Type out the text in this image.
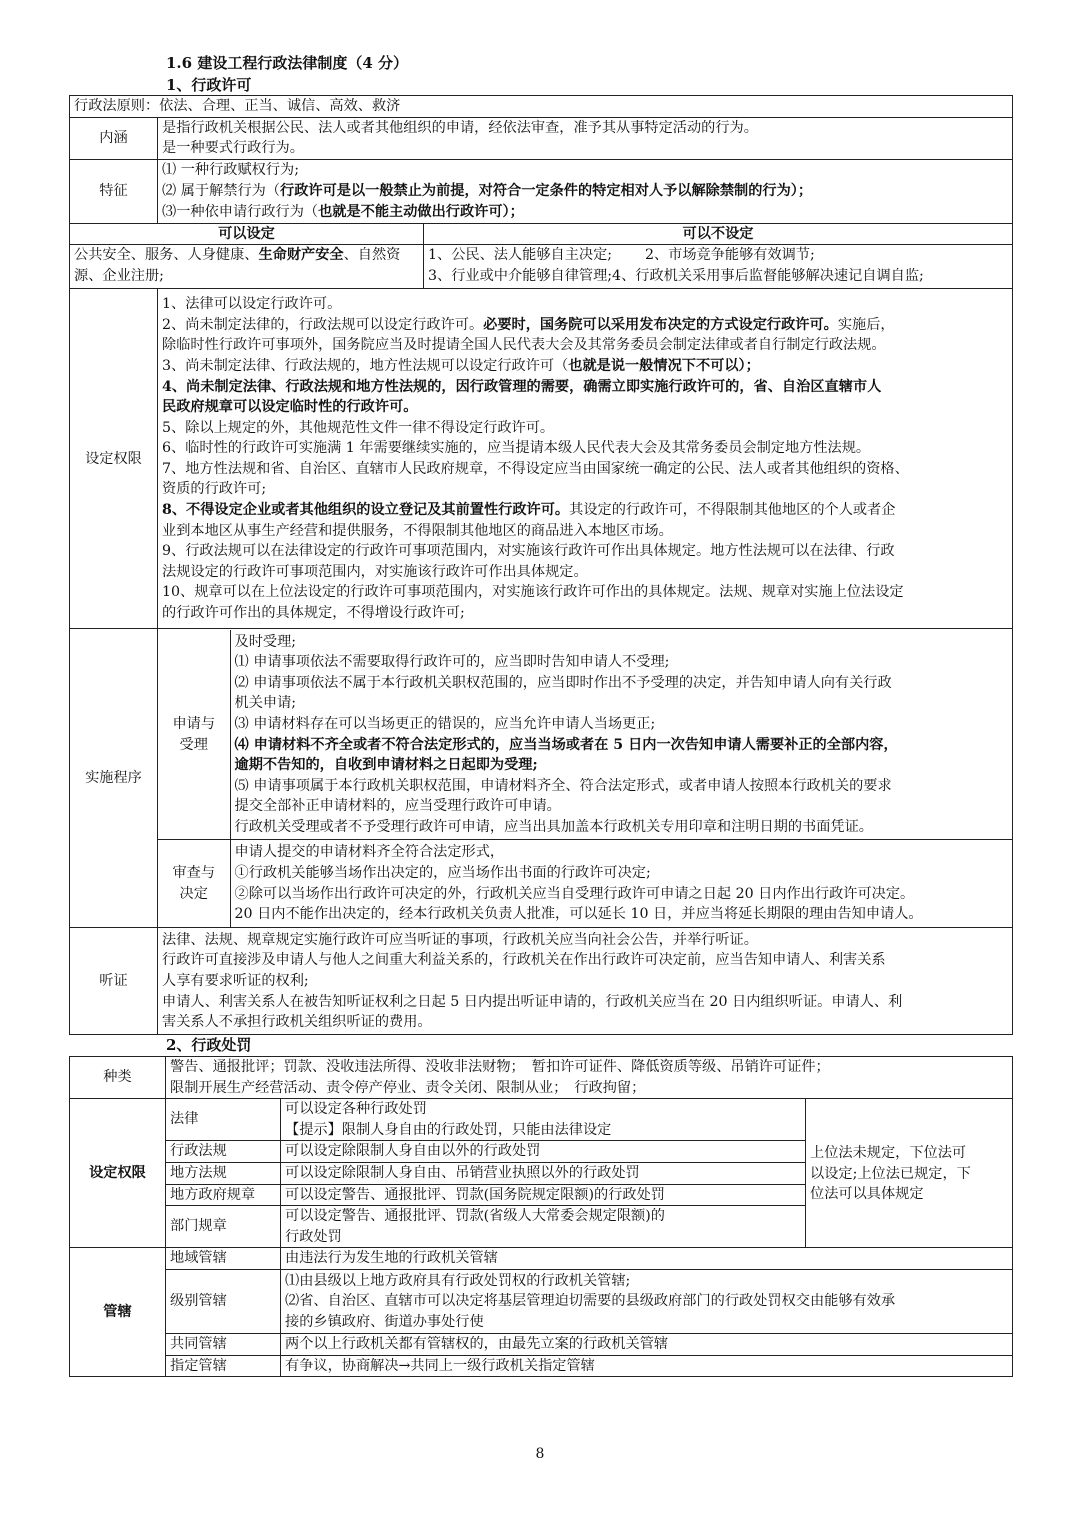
1.6 建设工程行政法律制度（4 分）
1、行政许可
行政法原则：依法、合理、正当、诚信、高效、救济
内涵	
是指行政机关根据公民、法人或者其他组织的申请，经依法审查，准予其从事特定活动的行为。
是一种要式行政行为。

特征	
⑴ 一种行政赋权行为;
⑵ 属于解禁行为（行政许可是以一般禁止为前提，对符合一定条件的特定相对人予以解除禁制的行为）；
⑶一种依申请行政行为（也就是不能主动做出行政许可）；

可以设定	可以不设定
公共安全、服务、人身健康、生命财产安全、自然资源、企业注册;	
1、公民、法人能够自主决定;　　 2、市场竞争能够有效调节;
3、行业或中介能够自律管理;4、行政机关采用事后监督能够解决速记自调自监;

设定权限	
1、法律可以设定行政许可。
2、尚未制定法律的，行政法规可以设定行政许可。必要时，国务院可以采用发布决定的方式设定行政许可。实施后，
除临时性行政许可事项外，国务院应当及时提请全国人民代表大会及其常务委员会制定法律或者自行制定行政法规。
3、尚未制定法律、行政法规的，地方性法规可以设定行政许可（也就是说一般情况下不可以）；
4、尚未制定法律、行政法规和地方性法规的，因行政管理的需要，确需立即实施行政许可的，省、自治区直辖市人
民政府规章可以设定临时性的行政许可。
5、除以上规定的外，其他规范性文件一律不得设定行政许可。
6、临时性的行政许可实施满 1 年需要继续实施的，应当提请本级人民代表大会及其常务委员会制定地方性法规。
7、地方性法规和省、自治区、直辖市人民政府规章，不得设定应当由国家统一确定的公民、法人或者其他组织的资格、
资质的行政许可;
8、不得设定企业或者其他组织的设立登记及其前置性行政许可。其设定的行政许可，不得限制其他地区的个人或者企
业到本地区从事生产经营和提供服务，不得限制其他地区的商品进入本地区市场。
9、行政法规可以在法律设定的行政许可事项范围内，对实施该行政许可作出具体规定。地方性法规可以在法律、行政
法规设定的行政许可事项范围内，对实施该行政许可作出具体规定。
10、规章可以在上位法设定的行政许可事项范围内，对实施该行政许可作出的具体规定。法规、规章对实施上位法设定
的行政许可作出的具体规定，不得增设行政许可;

实施程序	
申请与
受理

及时受理;
⑴ 申请事项依法不需要取得行政许可的，应当即时告知申请人不受理;
⑵ 申请事项依法不属于本行政机关职权范围的，应当即时作出不予受理的决定，并告知申请人向有关行政
机关申请;
⑶ 申请材料存在可以当场更正的错误的，应当允许申请人当场更正;
⑷ 申请材料不齐全或者不符合法定形式的，应当当场或者在 5 日内一次告知申请人需要补正的全部内容，
逾期不告知的，自收到申请材料之日起即为受理;
⑸ 申请事项属于本行政机关职权范围，申请材料齐全、符合法定形式，或者申请人按照本行政机关的要求
提交全部补正申请材料的，应当受理行政许可申请。
行政机关受理或者不予受理行政许可申请，应当出具加盖本行政机关专用印章和注明日期的书面凭证。

审查与
决定

申请人提交的申请材料齐全符合法定形式，
①行政机关能够当场作出决定的，应当场作出书面的行政许可决定;
②除可以当场作出行政许可决定的外，行政机关应当自受理行政许可申请之日起 20 日内作出行政许可决定。
20 日内不能作出决定的，经本行政机关负责人批准，可以延长 10 日，并应当将延长期限的理由告知申请人。

听证	
法律、法规、规章规定实施行政许可应当听证的事项，行政机关应当向社会公告，并举行听证。
行政许可直接涉及申请人与他人之间重大利益关系的，行政机关在作出行政许可决定前，应当告知申请人、利害关系
人享有要求听证的权利;
申请人、利害关系人在被告知听证权利之日起 5 日内提出听证申请的，行政机关应当在 20 日内组织听证。申请人、利
害关系人不承担行政机关组织听证的费用。
2、行政处罚
种类	警告、通报批评；罚款、没收违法所得、没收非法财物；　暂扣许可证件、降低资质等级、吊销许可证件；
限制开展生产经营活动、责令停产停业、责令关闭、限制从业；　行政拘留；		

设定权限	法律	可以设定各种行政处罚
【提示】限制人身自由的行政处罚，只能由法律设定	上位法未规定，下位法可
以设定;上位法已规定，下
位法可以具体规定

	行政法规	可以设定除限制人身自由以外的行政处罚	
	地方法规	可以设定除限制人身自由、吊销营业执照以外的行政处罚	
	地方政府规章	可以设定警告、通报批评、罚款(国务院规定限额)的行政处罚	
	部门规章	可以设定警告、通报批评、罚款(省级人大常委会规定限额)的
行政处罚	

管辖	地域管辖	由违法行为发生地的行政机关管辖	
	级别管辖	⑴由县级以上地方政府具有行政处罚权的行政机关管辖;
⑵省、自治区、直辖市可以决定将基层管理迫切需要的县级政府部门的行政处罚权交由能够有效承
接的乡镇政府、街道办事处行使	

	共同管辖	两个以上行政机关都有管辖权的，由最先立案的行政机关管辖	
	指定管辖	有争议，协商解决→共同上一级行政机关指定管辖	
8
